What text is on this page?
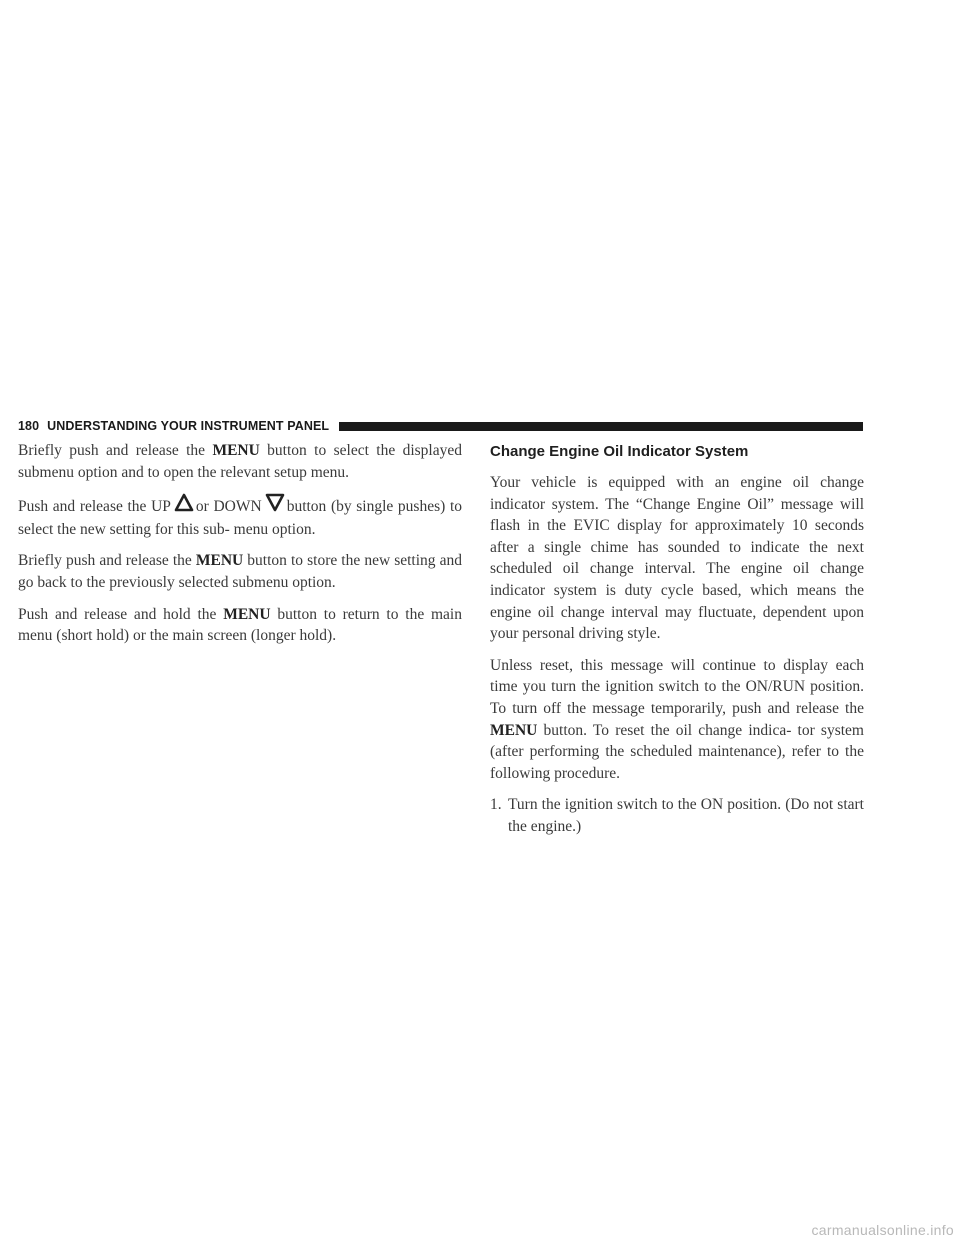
180 UNDERSTANDING YOUR INSTRUMENT PANEL

Briefly push and release the MENU button to select the displayed submenu option and to open the relevant setup menu.

Push and release the UP or DOWN button (by single pushes) to select the new setting for this sub- menu option.

Briefly push and release the MENU button to store the new setting and go back to the previously selected submenu option.

Push and release and hold the MENU button to return to the main menu (short hold) or the main screen (longer hold).

Change Engine Oil Indicator System

Your vehicle is equipped with an engine oil change indicator system. The “Change Engine Oil” message will flash in the EVIC display for approximately 10 seconds after a single chime has sounded to indicate the next scheduled oil change interval. The engine oil change indicator system is duty cycle based, which means the engine oil change interval may fluctuate, dependent upon your personal driving style.

Unless reset, this message will continue to display each time you turn the ignition switch to the ON/RUN position. To turn off the message temporarily, push and release the MENU button. To reset the oil change indica- tor system (after performing the scheduled maintenance), refer to the following procedure.

1. Turn the ignition switch to the ON position. (Do not start the engine.)
carmanualsonline.info
